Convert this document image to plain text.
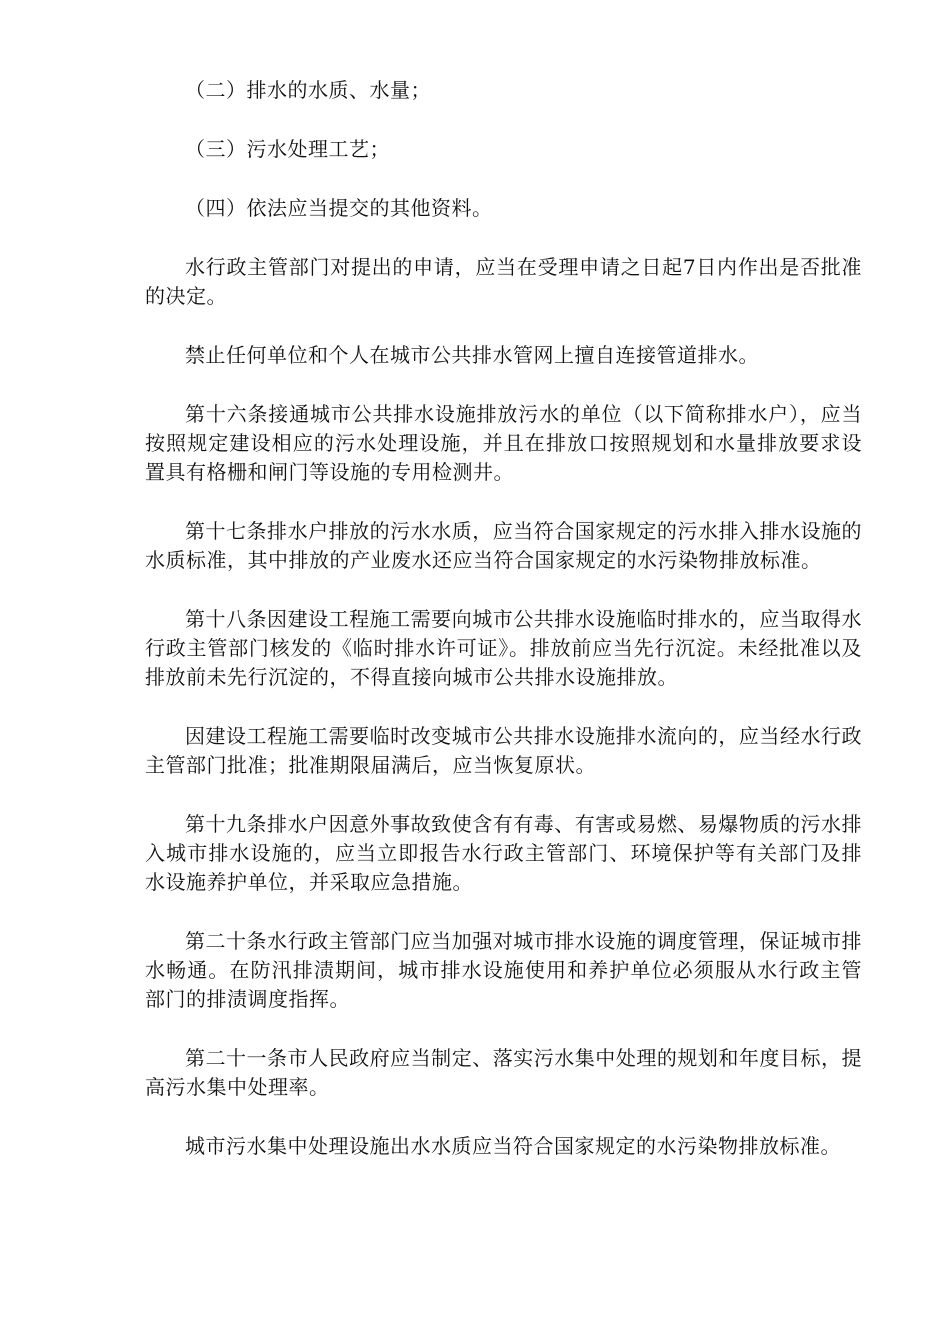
（二）排水的水质、水量；

（三）污水处理工艺；

（四）依法应当提交的其他资料。

水行政主管部门对提出的申请，应当在受理申请之日起7日内作出是否批准的决定。

禁止任何单位和个人在城市公共排水管网上擅自连接管道排水。

第十六条接通城市公共排水设施排放污水的单位（以下简称排水户），应当按照规定建设相应的污水处理设施，并且在排放口按照规划和水量排放要求设置具有格栅和闸门等设施的专用检测井。

第十七条排水户排放的污水水质，应当符合国家规定的污水排入排水设施的水质标准，其中排放的产业废水还应当符合国家规定的水污染物排放标准。

第十八条因建设工程施工需要向城市公共排水设施临时排水的，应当取得水行政主管部门核发的《临时排水许可证》。排放前应当先行沉淀。未经批准以及排放前未先行沉淀的，不得直接向城市公共排水设施排放。

因建设工程施工需要临时改变城市公共排水设施排水流向的，应当经水行政主管部门批准；批准期限届满后，应当恢复原状。

第十九条排水户因意外事故致使含有有毒、有害或易燃、易爆物质的污水排入城市排水设施的，应当立即报告水行政主管部门、环境保护等有关部门及排水设施养护单位，并采取应急措施。

第二十条水行政主管部门应当加强对城市排水设施的调度管理，保证城市排水畅通。在防汛排渍期间，城市排水设施使用和养护单位必须服从水行政主管部门的排渍调度指挥。

第二十一条市人民政府应当制定、落实污水集中处理的规划和年度目标，提高污水集中处理率。

城市污水集中处理设施出水水质应当符合国家规定的水污染物排放标准。
